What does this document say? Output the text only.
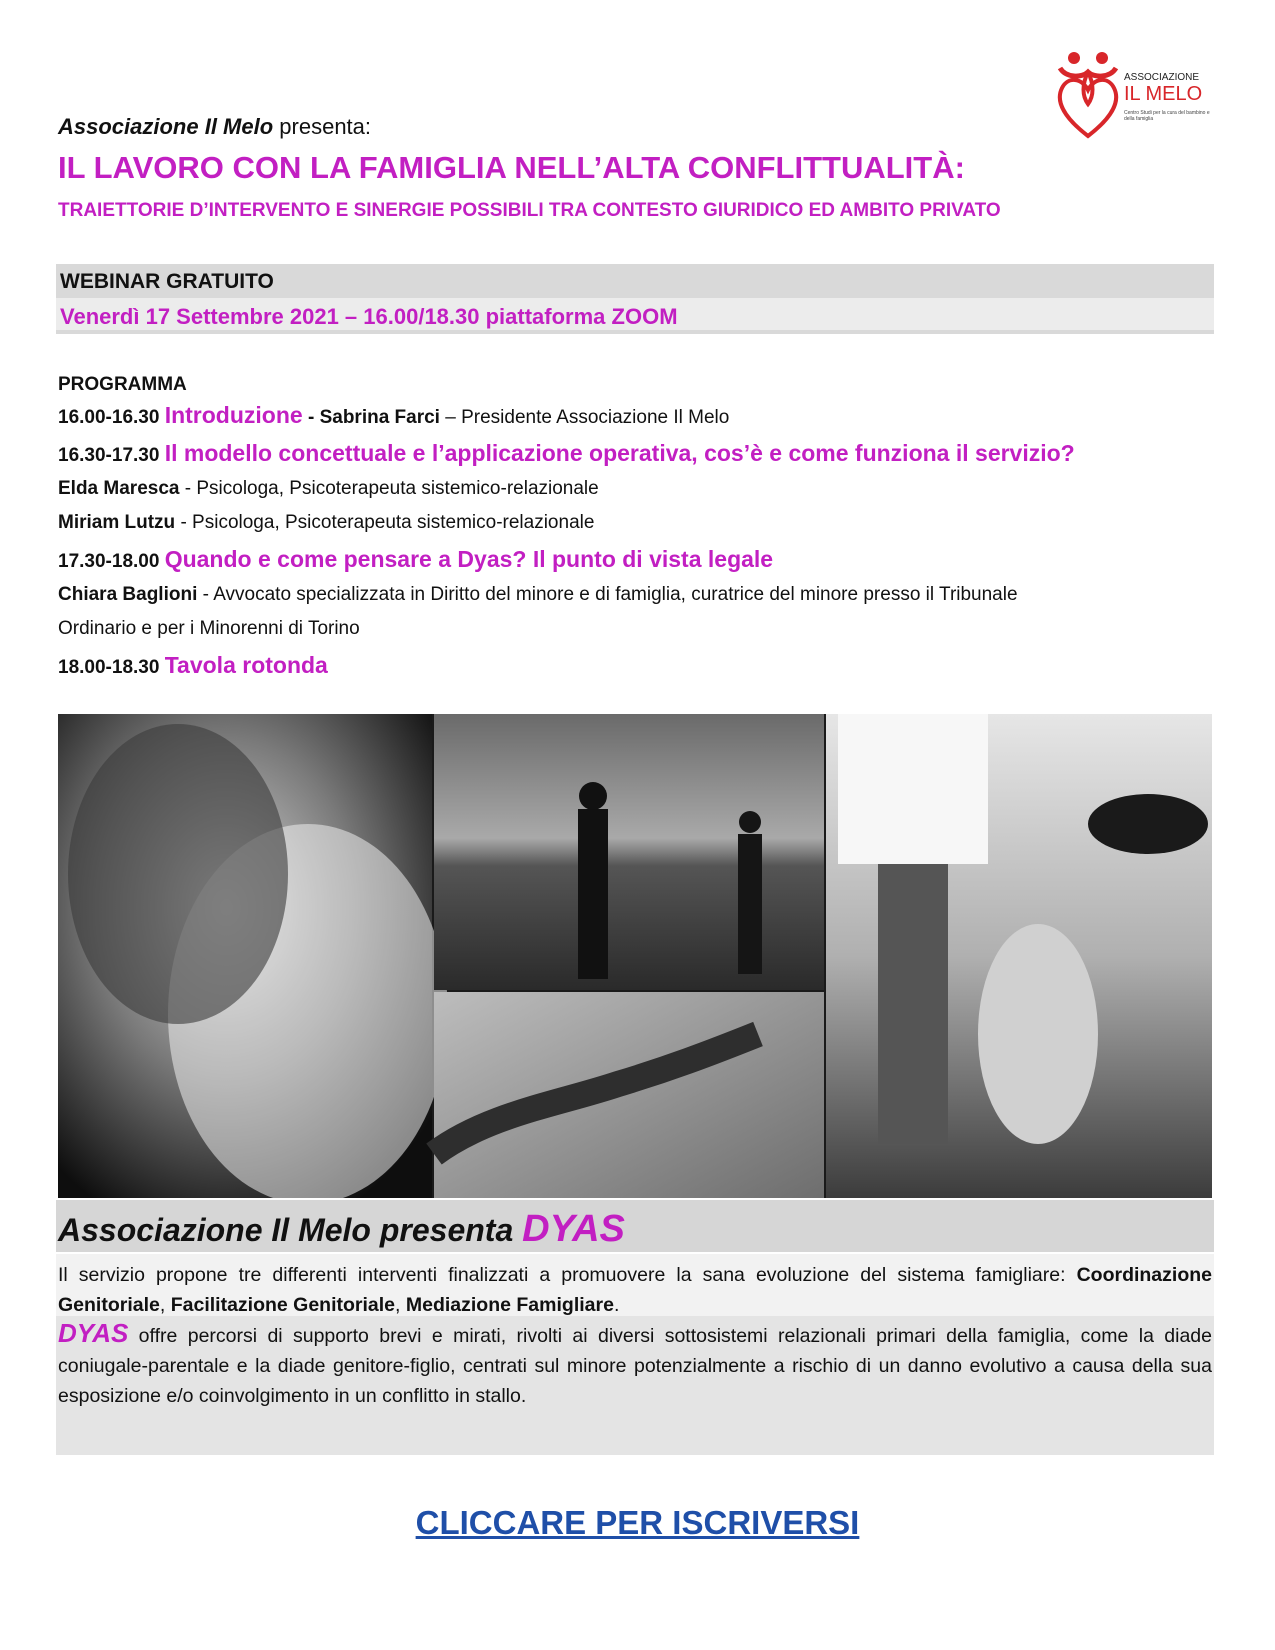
ASSOCIAZIONE
IL MELO
Centro Studi per la cura del bambino e della famiglia
Associazione Il Melo presenta:
IL LAVORO CON LA FAMIGLIA NELL’ALTA CONFLITTUALITÀ:
TRAIETTORIE D’INTERVENTO E SINERGIE POSSIBILI TRA CONTESTO GIURIDICO ED AMBITO PRIVATO
WEBINAR GRATUITO
Venerdì 17 Settembre 2021 – 16.00/18.30 piattaforma ZOOM
PROGRAMMA
16.00-16.30 Introduzione - Sabrina Farci – Presidente Associazione Il Melo
16.30-17.30 Il modello concettuale e l’applicazione operativa, cos’è e come funziona il servizio?
Elda Maresca - Psicologa, Psicoterapeuta sistemico-relazionale
Miriam Lutzu - Psicologa, Psicoterapeuta sistemico-relazionale
17.30-18.00 Quando e come pensare a Dyas? Il punto di vista legale
Chiara Baglioni - Avvocato specializzata in Diritto del minore e di famiglia, curatrice del minore presso il Tribunale
Ordinario e per i Minorenni di Torino
18.00-18.30 Tavola rotonda
Associazione Il Melo presenta DYAS
Il servizio propone tre differenti interventi finalizzati a promuovere la sana evoluzione del sistema famigliare: Coordinazione Genitoriale, Facilitazione Genitoriale, Mediazione Famigliare.
DYAS offre percorsi di supporto brevi e mirati, rivolti ai diversi sottosistemi relazionali primari della famiglia, come la diade coniugale-parentale e la diade genitore-figlio, centrati sul minore potenzialmente a rischio di un danno evolutivo a causa della sua esposizione e/o coinvolgimento in un conflitto in stallo.
CLICCARE PER ISCRIVERSI
